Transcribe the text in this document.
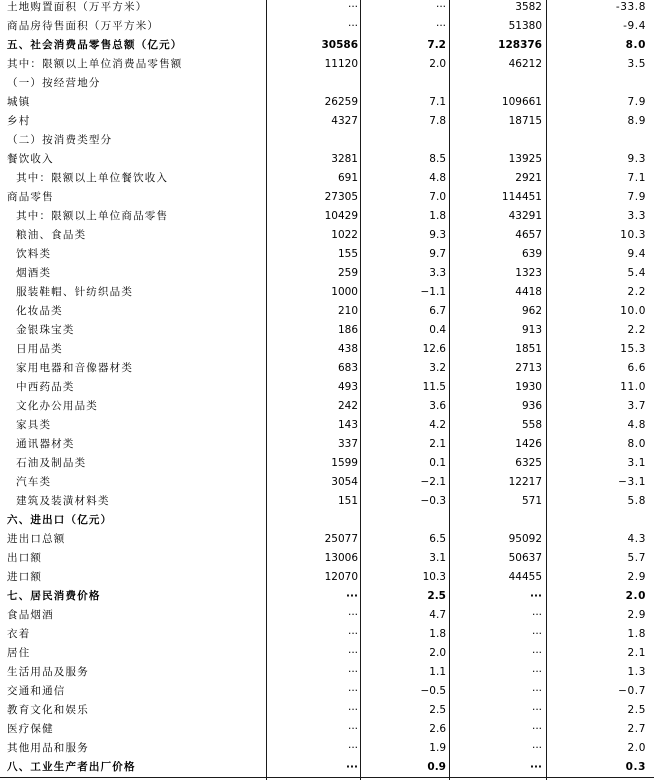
土地购置面积（万平方米）	···	···	3582	-33.8
商品房待售面积（万平方米）	···	···	51380	-9.4
五、社会消费品零售总额（亿元）	30586	7.2	128376	8.0
其中：限额以上单位消费品零售额	11120	2.0	46212	3.5
（一）按经营地分
城镇	26259	7.1	109661	7.9
乡村	4327	7.8	18715	8.9
（二）按消费类型分
餐饮收入	3281	8.5	13925	9.3
其中：限额以上单位餐饮收入	691	4.8	2921	7.1
商品零售	27305	7.0	114451	7.9
其中：限额以上单位商品零售	10429	1.8	43291	3.3
粮油、食品类	1022	9.3	4657	10.3
饮料类	155	9.7	639	9.4
烟酒类	259	3.3	1323	5.4
服装鞋帽、针纺织品类	1000	−1.1	4418	2.2
化妆品类	210	6.7	962	10.0
金银珠宝类	186	0.4	913	2.2
日用品类	438	12.6	1851	15.3
家用电器和音像器材类	683	3.2	2713	6.6
中西药品类	493	11.5	1930	11.0
文化办公用品类	242	3.6	936	3.7
家具类	143	4.2	558	4.8
通讯器材类	337	2.1	1426	8.0
石油及制品类	1599	0.1	6325	3.1
汽车类	3054	−2.1	12217	−3.1
建筑及装潢材料类	151	−0.3	571	5.8
六、进出口（亿元）
进出口总额	25077	6.5	95092	4.3
出口额	13006	3.1	50637	5.7
进口额	12070	10.3	44455	2.9
七、居民消费价格	···	2.5	···	2.0
食品烟酒	···	4.7	···	2.9
衣着	···	1.8	···	1.8
居住	···	2.0	···	2.1
生活用品及服务	···	1.1	···	1.3
交通和通信	···	−0.5	···	−0.7
教育文化和娱乐	···	2.5	···	2.5
医疗保健	···	2.6	···	2.7
其他用品和服务	···	1.9	···	2.0
八、工业生产者出厂价格	···	0.9	···	0.3
